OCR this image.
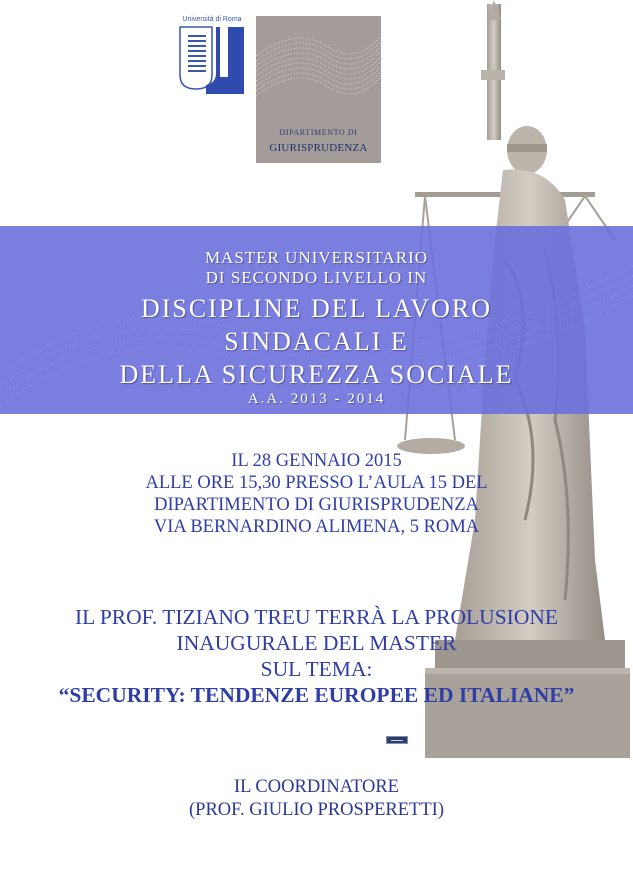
Università di Roma
Tor Vergata
DIPARTIMENTO DI
GIURISPRUDENZA
MASTER UNIVERSITARIO
DI SECONDO LIVELLO IN
DISCIPLINE DEL LAVORO
SINDACALI E
DELLA SICUREZZA SOCIALE
A.A. 2013 - 2014
IL 28 GENNAIO 2015
ALLE ORE 15,30 PRESSO L’AULA 15 DEL
DIPARTIMENTO DI GIURISPRUDENZA
VIA BERNARDINO ALIMENA, 5 ROMA
IL PROF. TIZIANO TREU TERRÀ LA PROLUSIONE
INAUGURALE DEL MASTER
SUL TEMA:
“SECURITY: TENDENZE EUROPEE ED ITALIANE”
IL COORDINATORE
(PROF. GIULIO PROSPERETTI)
